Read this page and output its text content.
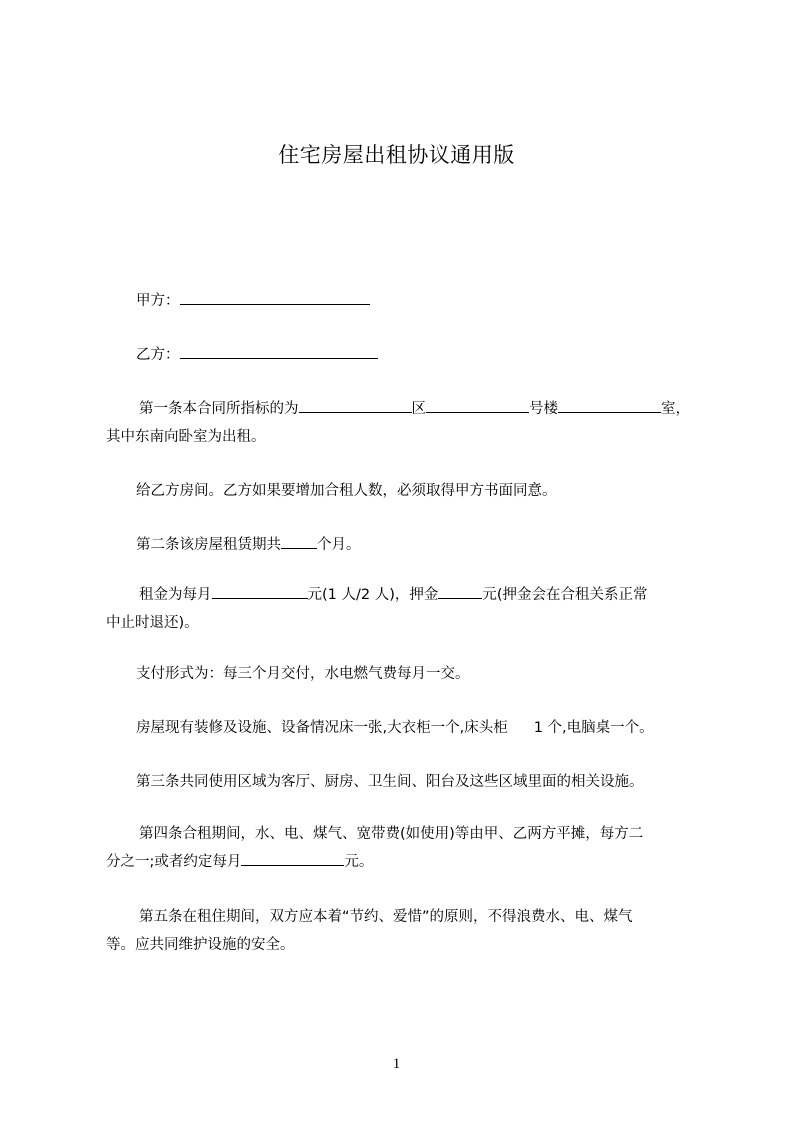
住宅房屋出租协议通用版
甲方：
乙方：
第一条本合同所指标的为	区	号楼	室，
其中东南向卧室为出租。
给乙方房间。乙方如果要增加合租人数，必须取得甲方书面同意。
第二条该房屋租赁期共 个月。
租金为每月	元(1 人/2 人)，押金	元(押金会在合租关系正常
中止时退还)。
支付形式为：每三个月交付，水电燃气费每月一交。
房屋现有装修及设施、设备情况床一张,大衣柜一个,床头柜 1 个,电脑桌一个。
第三条共同使用区域为客厅、厨房、卫生间、阳台及这些区域里面的相关设施。
第四条合租期间，水、电、煤气、宽带费(如使用)等由甲、乙两方平摊，每方二
分之一;或者约定每月	元。
第五条在租住期间，双方应本着“节约、爱惜”的原则，不得浪费水、电、煤气
等。应共同维护设施的安全。
1
